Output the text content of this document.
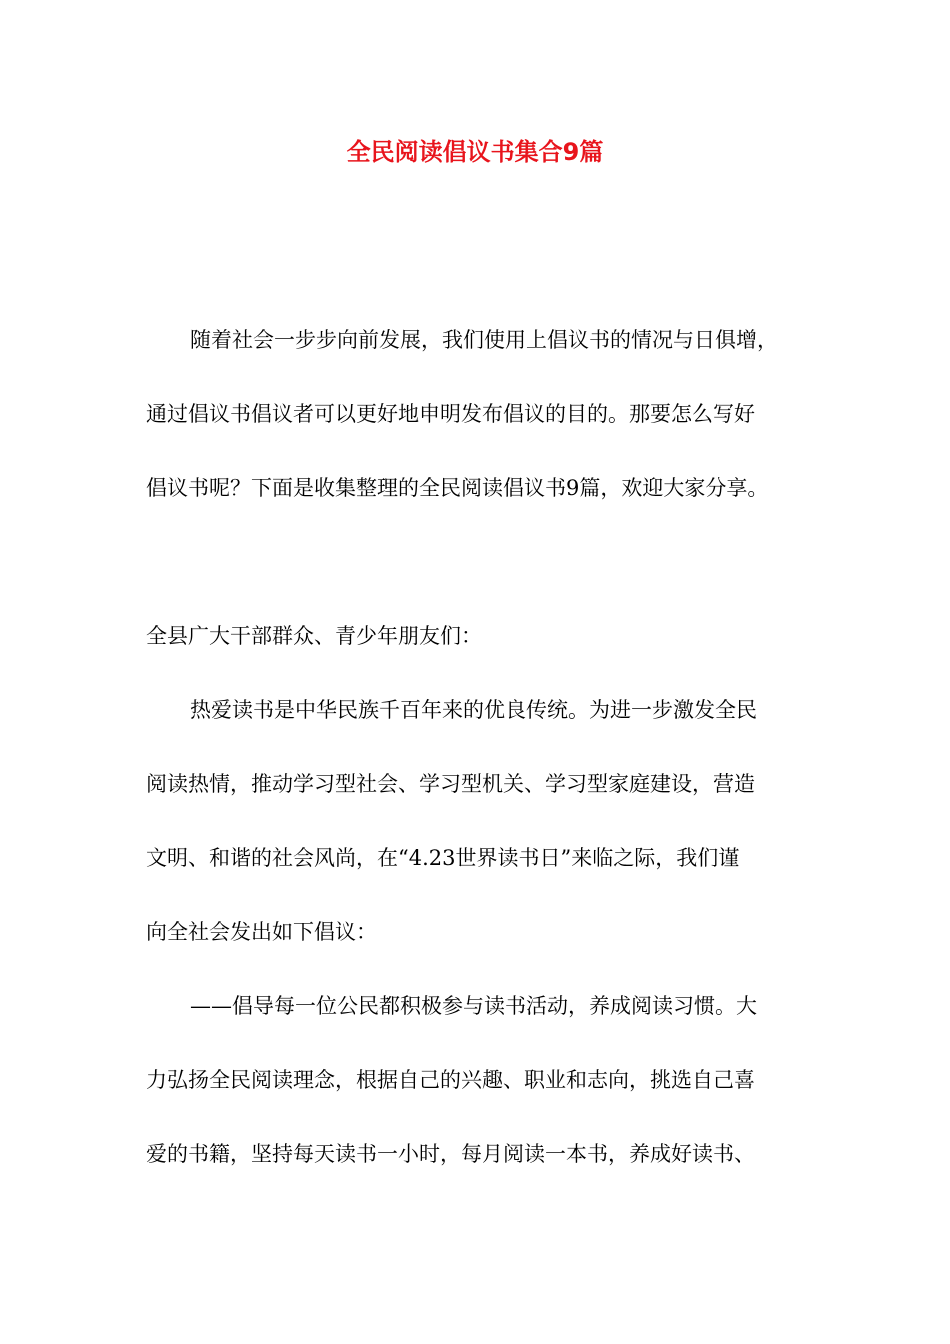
全民阅读倡议书集合9篇

随着社会一步步向前发展，我们使用上倡议书的情况与日俱增，

通过倡议书倡议者可以更好地申明发布倡议的目的。那要怎么写好

倡议书呢？下面是收集整理的全民阅读倡议书9篇，欢迎大家分享。

全县广大干部群众、青少年朋友们：

热爱读书是中华民族千百年来的优良传统。为进一步激发全民

阅读热情，推动学习型社会、学习型机关、学习型家庭建设，营造

文明、和谐的社会风尚，在“4.23世界读书日”来临之际，我们谨

向全社会发出如下倡议：

——倡导每一位公民都积极参与读书活动，养成阅读习惯。大

力弘扬全民阅读理念，根据自己的兴趣、职业和志向，挑选自己喜

爱的书籍，坚持每天读书一小时，每月阅读一本书，养成好读书、
